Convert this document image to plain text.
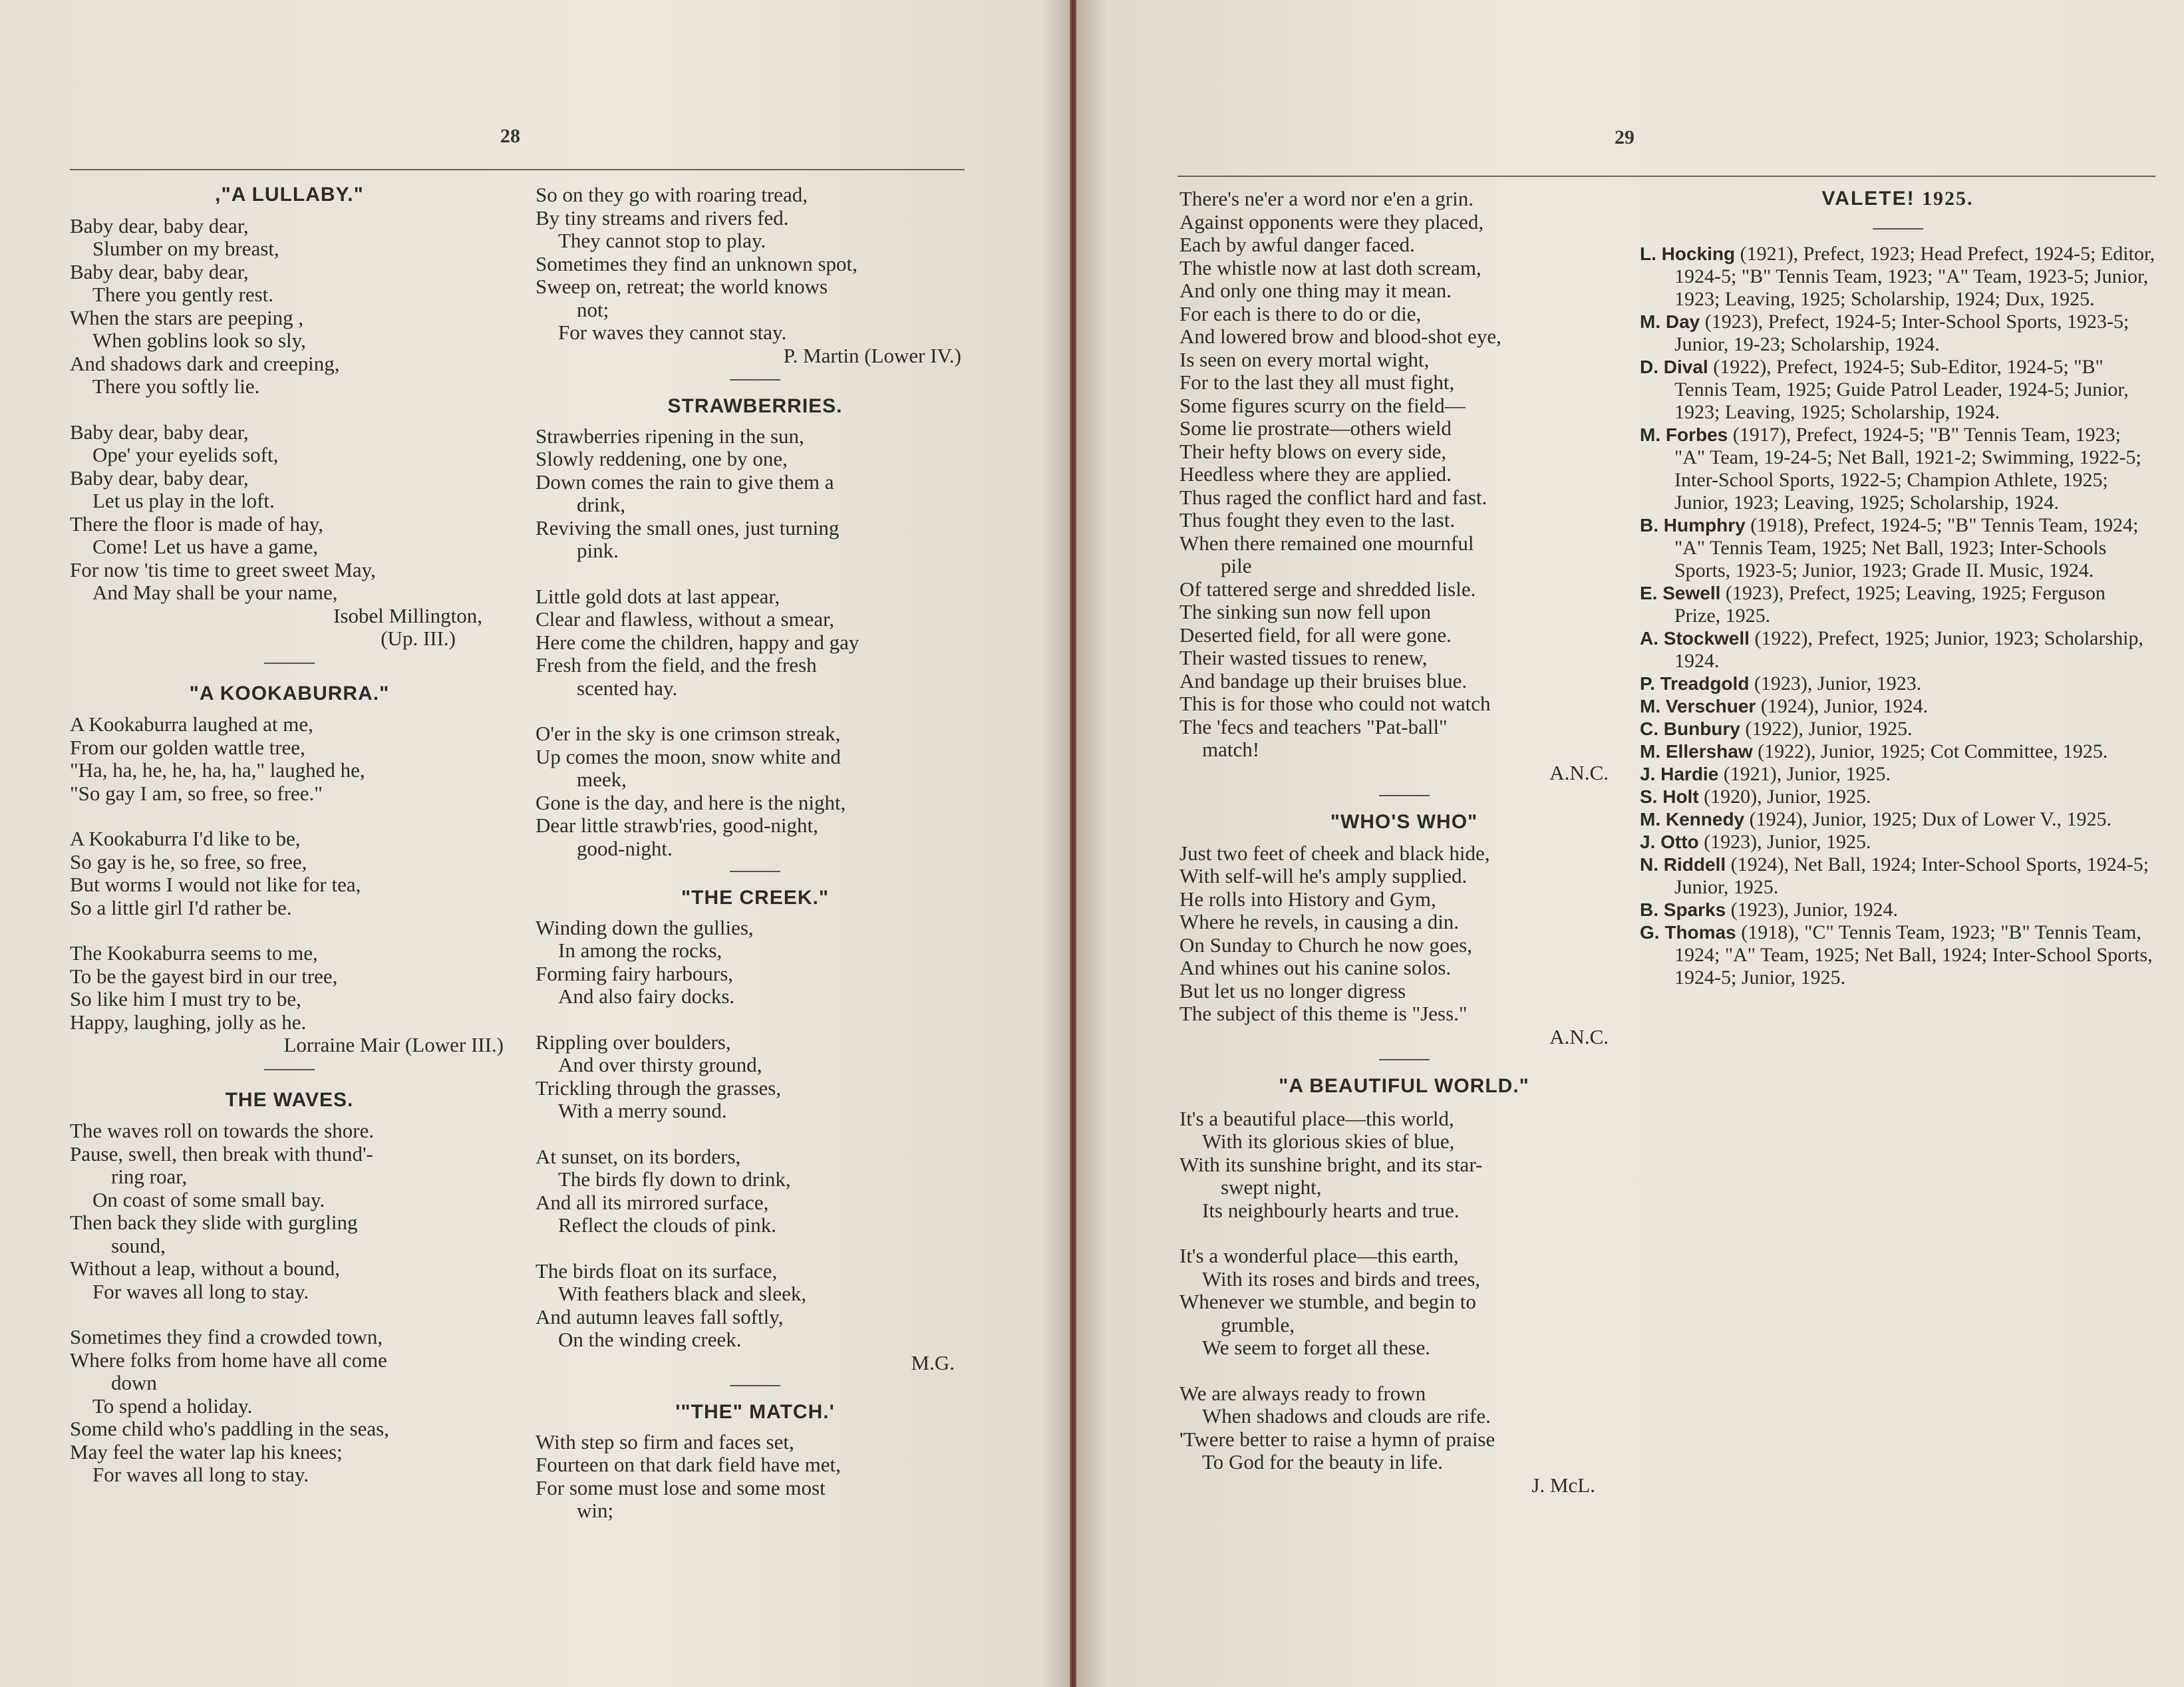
28
,"A LULLABY."

Baby dear, baby dear,

Slumber on my breast,

Baby dear, baby dear,

There you gently rest.

When the stars are peeping ,

When goblins look so sly,

And shadows dark and creeping,

There you softly lie.

Baby dear, baby dear,

Ope' your eyelids soft,

Baby dear, baby dear,

Let us play in the loft.

There the floor is made of hay,

Come! Let us have a game,

For now 'tis time to greet sweet May,

And May shall be your name,

Isobel Millington,

(Up. III.)

"A KOOKABURRA."

A Kookaburra laughed at me,

From our golden wattle tree,

"Ha, ha, he, he, ha, ha," laughed he,

"So gay I am, so free, so free."

A Kookaburra I'd like to be,

So gay is he, so free, so free,

But worms I would not like for tea,

So a little girl I'd rather be.

The Kookaburra seems to me,

To be the gayest bird in our tree,

So like him I must try to be,

Happy, laughing, jolly as he.

Lorraine Mair (Lower III.)

THE WAVES.

The waves roll on towards the shore.

Pause, swell, then break with thund'-

ring roar,

On coast of some small bay.

Then back they slide with gurgling

sound,

Without a leap, without a bound,

For waves all long to stay.

Sometimes they find a crowded town,

Where folks from home have all come

down

To spend a holiday.

Some child who's paddling in the seas,

May feel the water lap his knees;

For waves all long to stay.

So on they go with roaring tread,

By tiny streams and rivers fed.

They cannot stop to play.

Sometimes they find an unknown spot,

Sweep on, retreat; the world knows

not;

For waves they cannot stay.

P. Martin (Lower IV.)

STRAWBERRIES.

Strawberries ripening in the sun,

Slowly reddening, one by one,

Down comes the rain to give them a

drink,

Reviving the small ones, just turning

pink.

Little gold dots at last appear,

Clear and flawless, without a smear,

Here come the children, happy and gay

Fresh from the field, and the fresh

scented hay.

O'er in the sky is one crimson streak,

Up comes the moon, snow white and

meek,

Gone is the day, and here is the night,

Dear little strawb'ries, good-night,

good-night.

"THE CREEK."

Winding down the gullies,

In among the rocks,

Forming fairy harbours,

And also fairy docks.

Rippling over boulders,

And over thirsty ground,

Trickling through the grasses,

With a merry sound.

At sunset, on its borders,

The birds fly down to drink,

And all its mirrored surface,

Reflect the clouds of pink.

The birds float on its surface,

With feathers black and sleek,

And autumn leaves fall softly,

On the winding creek.

M.G.

'"THE" MATCH.'

With step so firm and faces set,

Fourteen on that dark field have met,

For some must lose and some most

win;

29

There's ne'er a word nor e'en a grin.

Against opponents were they placed,

Each by awful danger faced.

The whistle now at last doth scream,

And only one thing may it mean.

For each is there to do or die,

And lowered brow and blood-shot eye,

Is seen on every mortal wight,

For to the last they all must fight,

Some figures scurry on the field—

Some lie prostrate—others wield

Their hefty blows on every side,

Heedless where they are applied.

Thus raged the conflict hard and fast.

Thus fought they even to the last.

When there remained one mournful

pile

Of tattered serge and shredded lisle.

The sinking sun now fell upon

Deserted field, for all were gone.

Their wasted tissues to renew,

And bandage up their bruises blue.

This is for those who could not watch

The 'fecs and teachers "Pat-ball"

match!

A.N.C.

"WHO'S WHO"

Just two feet of cheek and black hide,

With self-will he's amply supplied.

He rolls into History and Gym,

Where he revels, in causing a din.

On Sunday to Church he now goes,

And whines out his canine solos.

But let us no longer digress

The subject of this theme is "Jess."

A.N.C.

"A BEAUTIFUL WORLD."

It's a beautiful place—this world,

With its glorious skies of blue,

With its sunshine bright, and its star-

swept night,

Its neighbourly hearts and true.

It's a wonderful place—this earth,

With its roses and birds and trees,

Whenever we stumble, and begin to

grumble,

We seem to forget all these.

We are always ready to frown

When shadows and clouds are rife.

'Twere better to raise a hymn of praise

To God for the beauty in life.

J. McL.

VALETE! 1925.

L. Hocking (1921), Prefect, 1923; Head Prefect, 1924-5; Editor, 1924-5; "B" Tennis Team, 1923; "A" Team, 1923-5; Junior, 1923; Leaving, 1925; Scholarship, 1924; Dux, 1925.

M. Day (1923), Prefect, 1924-5; Inter-School Sports, 1923-5; Junior, 19-23; Scholarship, 1924.

D. Dival (1922), Prefect, 1924-5; Sub-Editor, 1924-5; "B" Tennis Team, 1925; Guide Patrol Leader, 1924-5; Junior, 1923; Leaving, 1925; Scholarship, 1924.

M. Forbes (1917), Prefect, 1924-5; "B" Tennis Team, 1923; "A" Team, 19-24-5; Net Ball, 1921-2; Swimming, 1922-5; Inter-School Sports, 1922-5; Champion Athlete, 1925; Junior, 1923; Leaving, 1925; Scholarship, 1924.

B. Humphry (1918), Prefect, 1924-5; "B" Tennis Team, 1924; "A" Tennis Team, 1925; Net Ball, 1923; Inter-Schools Sports, 1923-5; Junior, 1923; Grade II. Music, 1924.

E. Sewell (1923), Prefect, 1925; Leaving, 1925; Ferguson Prize, 1925.

A. Stockwell (1922), Prefect, 1925; Junior, 1923; Scholarship, 1924.

P. Treadgold (1923), Junior, 1923.

M. Verschuer (1924), Junior, 1924.

C. Bunbury (1922), Junior, 1925.

M. Ellershaw (1922), Junior, 1925; Cot Committee, 1925.

J. Hardie (1921), Junior, 1925.

S. Holt (1920), Junior, 1925.

M. Kennedy (1924), Junior, 1925; Dux of Lower V., 1925.

J. Otto (1923), Junior, 1925.

N. Riddell (1924), Net Ball, 1924; Inter-School Sports, 1924-5; Junior, 1925.

B. Sparks (1923), Junior, 1924.

G. Thomas (1918), "C" Tennis Team, 1923; "B" Tennis Team, 1924; "A" Team, 1925; Net Ball, 1924; Inter-School Sports, 1924-5; Junior, 1925.
